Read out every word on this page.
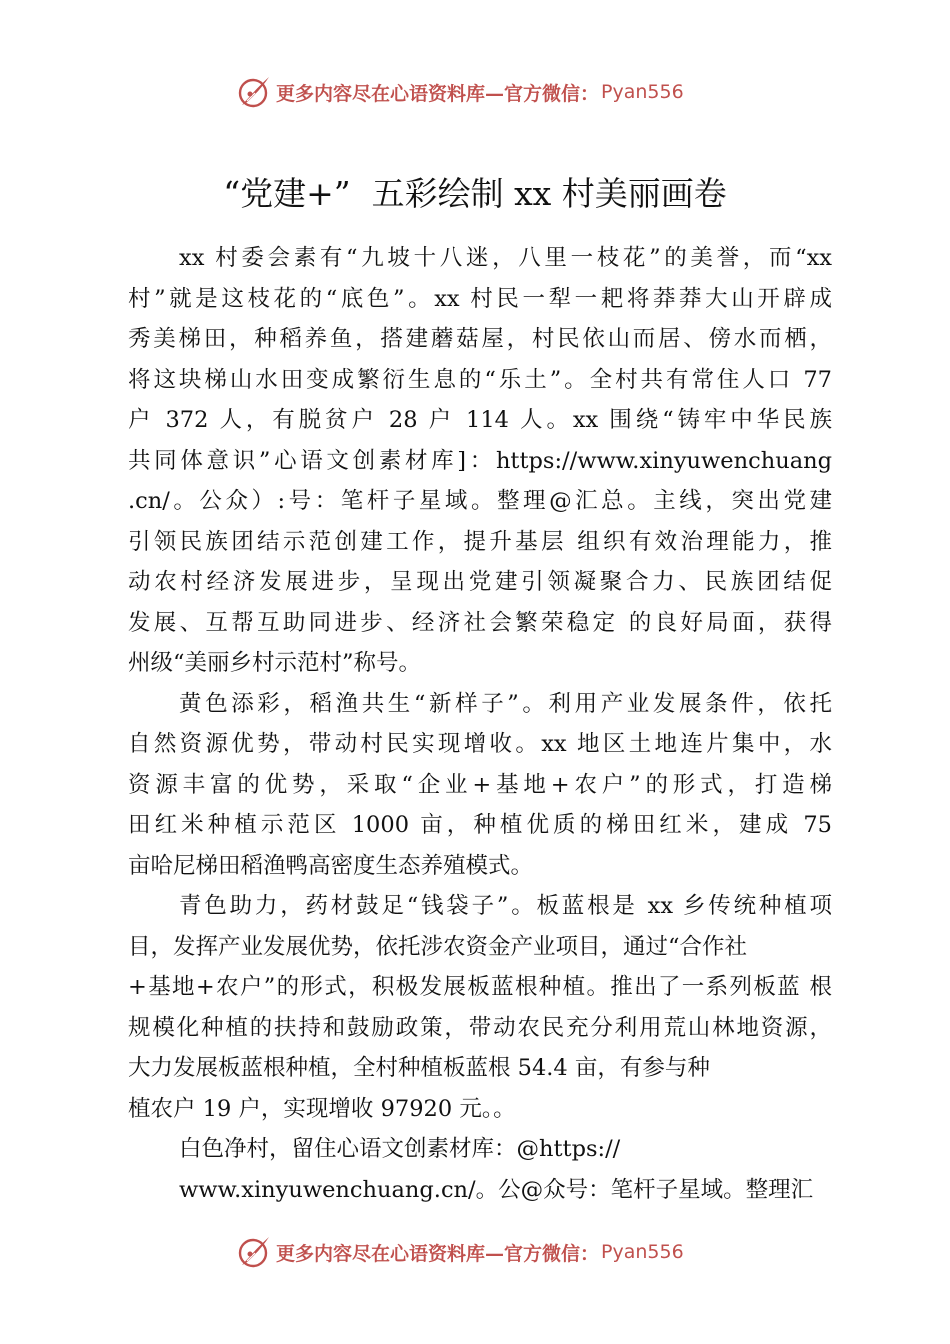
更多内容尽在心语资料库—官方微信： Pyan556
“党建+”  五彩绘制 xx 村美丽画卷
xx 村委会素有“九坡十八迷，八里一枝花”的美誉，而“xx
村”就是这枝花的“底色”。xx 村民一犁一耙将莽莽大山开辟成
秀美梯田，种稻养鱼，搭建蘑菇屋，村民依山而居、傍水而栖，
将这块梯山水田变成繁衍生息的“乐土”。全村共有常住人口 77
户 372 人，有脱贫户 28 户 114 人。xx 围绕“铸牢中华民族
共同体意识”心语文创素材库]：https://www.xinyuwenchuang
.cn/。公众）:号：笔杆子星域。整理@汇总。主线，突出党建
引领民族团结示范创建工作，提升基层 组织有效治理能力，推
动农村经济发展进步，呈现出党建引领凝聚合力、民族团结促
发展、互帮互助同进步、经济社会繁荣稳定 的良好局面，获得
州级“美丽乡村示范村”称号。
黄色添彩，稻渔共生“新样子”。利用产业发展条件，依托
自然资源优势，带动村民实现增收。xx 地区土地连片集中，水
资源丰富的优势，采取“企业+基地+农户”的形式，打造梯
田红米种植示范区 1000 亩，种植优质的梯田红米，建成 75
亩哈尼梯田稻渔鸭高密度生态养殖模式。
青色助力，药材鼓足“钱袋子”。板蓝根是 xx 乡传统种植项
目，发挥产业发展优势，依托涉农资金产业项目，通过“合作社
+基地+农户”的形式，积极发展板蓝根种植。推出了一系列板蓝 根
规模化种植的扶持和鼓励政策，带动农民充分利用荒山林地资源，
大力发展板蓝根种植，全村种植板蓝根 54.4 亩，有参与种
植农户 19 户，实现增收 97920 元。。
白色净村，留住心语文创素材库：@https://
www.xinyuwenchuang.cn/。公@众号：笔杆子星域。整理汇
更多内容尽在心语资料库—官方微信： Pyan556
